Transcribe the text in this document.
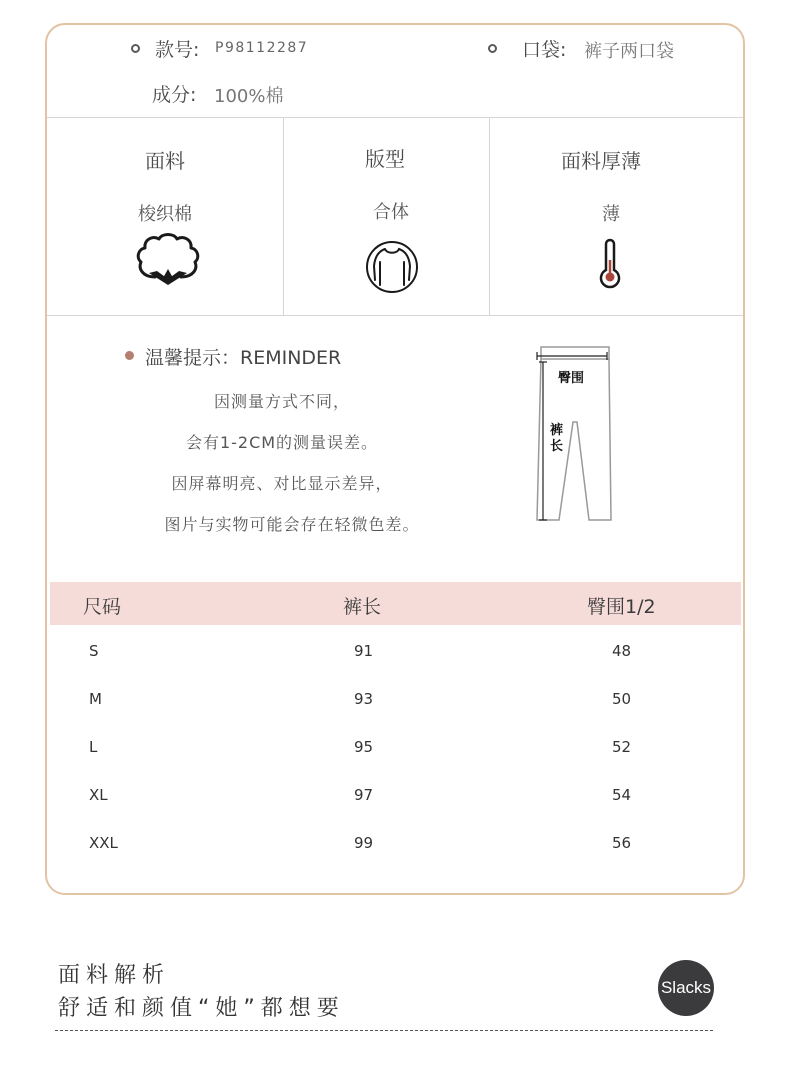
款号: P98112287	口袋: 裤子两口袋
成分: 100%棉
面料
梭织棉
版型
合体
面料厚薄
薄
温馨提示：REMINDER
因测量方式不同，
会有1-2CM的测量误差。
因屏幕明亮、对比显示差异，
图片与实物可能会存在轻微色差。
臀围
裤
长
尺码	裤长	臀围1/2
S	91	48
M	93	50
L	95	52
XL	97	54
XXL	99	56
面料解析
舒适和颜值“她”都想要
Slacks
